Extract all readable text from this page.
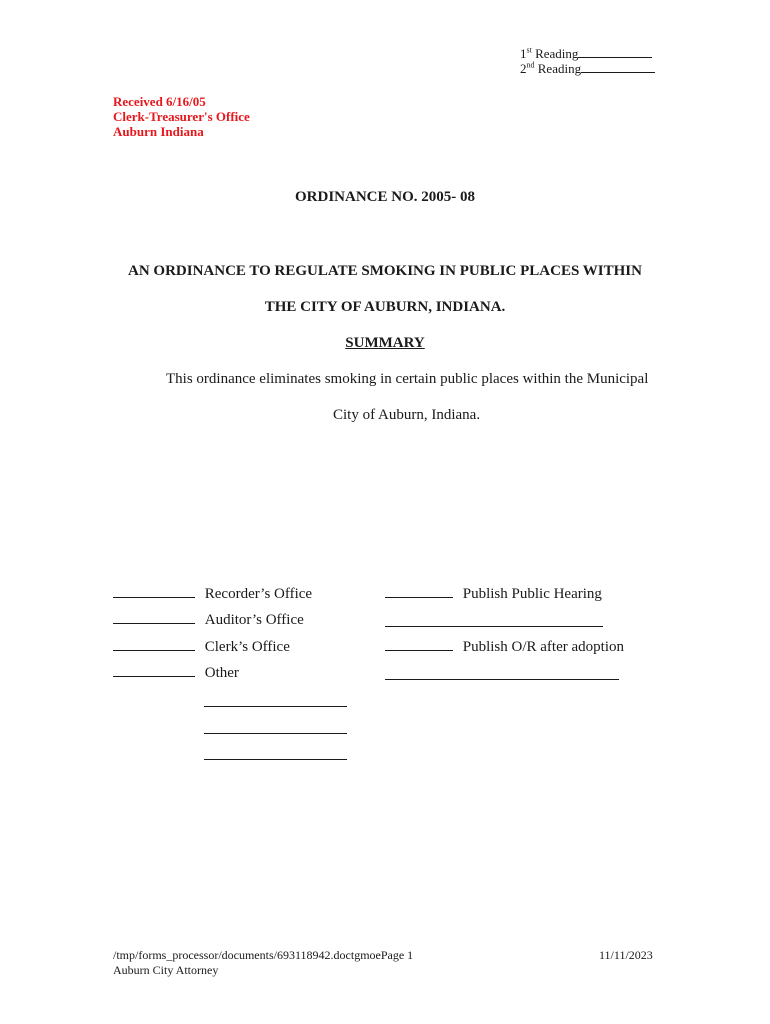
1st Reading
2nd Reading
Received 6/16/05
Clerk-Treasurer's Office
Auburn Indiana
ORDINANCE NO. 2005- 08
AN ORDINANCE TO REGULATE SMOKING IN PUBLIC PLACES WITHIN
THE CITY OF AUBURN, INDIANA.
SUMMARY
This ordinance eliminates smoking in certain public places within the Municipal
City of Auburn, Indiana.
Recorder’s Office
Auditor’s Office
Clerk’s Office
Other
Publish Public Hearing
Publish O/R after adoption
/tmp/forms_processor/documents/693118942.doctgmoePage 1
Auburn City Attorney
11/11/2023
